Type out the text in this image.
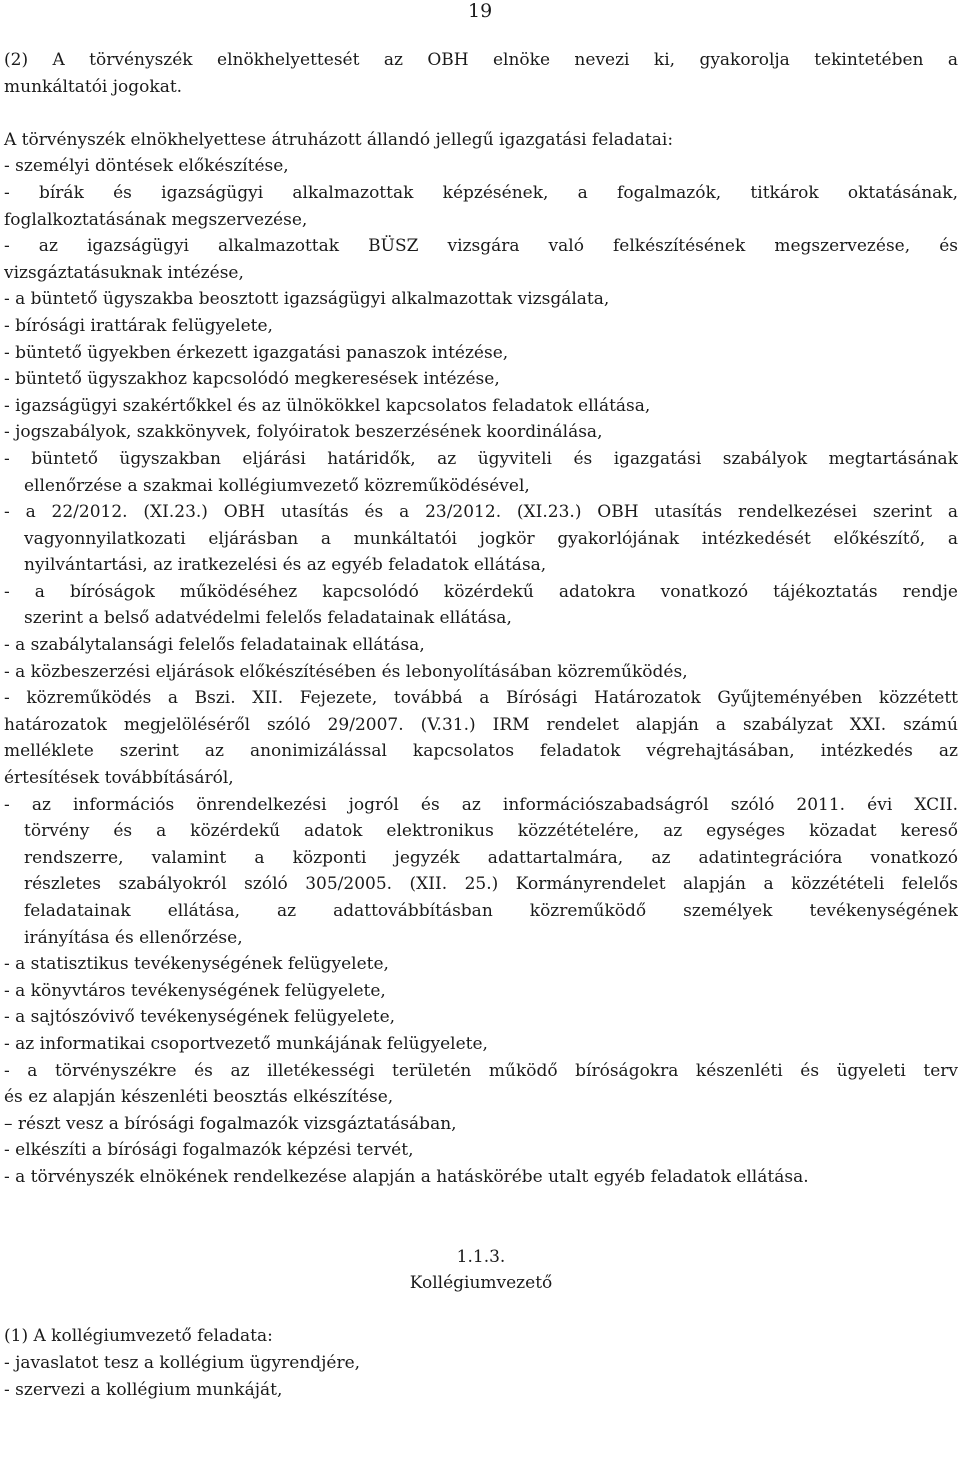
19
(2) A törvényszék elnökhelyettesét az OBH elnöke nevezi ki, gyakorolja tekintetében a
munkáltatói jogokat.
A törvényszék elnökhelyettese átruházott állandó jellegű igazgatási feladatai:
- személyi döntések előkészítése,
- bírák és igazságügyi alkalmazottak képzésének, a fogalmazók, titkárok oktatásának,
foglalkoztatásának megszervezése,
- az igazságügyi alkalmazottak BÜSZ vizsgára való felkészítésének megszervezése, és
vizsgáztatásuknak intézése,
- a büntető ügyszakba beosztott igazságügyi alkalmazottak vizsgálata,
- bírósági irattárak felügyelete,
- büntető ügyekben érkezett igazgatási panaszok intézése,
- büntető ügyszakhoz kapcsolódó megkeresések intézése,
- igazságügyi szakértőkkel és az ülnökökkel kapcsolatos feladatok ellátása,
- jogszabályok, szakkönyvek, folyóiratok beszerzésének koordinálása,
- büntető ügyszakban eljárási határidők, az ügyviteli és igazgatási szabályok megtartásának
ellenőrzése a szakmai kollégiumvezető közreműködésével,
- a 22/2012. (XI.23.) OBH utasítás és a 23/2012. (XI.23.) OBH utasítás rendelkezései szerint a
vagyonnyilatkozati eljárásban a munkáltatói jogkör gyakorlójának intézkedését előkészítő, a
nyilvántartási, az iratkezelési és az egyéb feladatok ellátása,
- a bíróságok működéséhez kapcsolódó közérdekű adatokra vonatkozó tájékoztatás rendje
szerint a belső adatvédelmi felelős feladatainak ellátása,
- a szabálytalansági felelős feladatainak ellátása,
- a közbeszerzési eljárások előkészítésében és lebonyolításában közreműködés,
- közreműködés a Bszi. XII. Fejezete, továbbá a Bírósági Határozatok Gyűjteményében közzétett
határozatok megjelöléséről szóló 29/2007. (V.31.) IRM rendelet alapján a szabályzat XXI. számú
melléklete szerint az anonimizálással kapcsolatos feladatok végrehajtásában, intézkedés az
értesítések továbbításáról,
- az információs önrendelkezési jogról és az információszabadságról szóló 2011. évi XCII.
törvény és a közérdekű adatok elektronikus közzétételére, az egységes közadat kereső
rendszerre, valamint a központi jegyzék adattartalmára, az adatintegrációra vonatkozó
részletes szabályokról szóló 305/2005. (XII. 25.) Kormányrendelet alapján a közzétételi felelős
feladatainak ellátása, az adattovábbításban közreműködő személyek tevékenységének
irányítása és ellenőrzése,
- a statisztikus tevékenységének felügyelete,
- a könyvtáros tevékenységének felügyelete,
- a sajtószóvivő tevékenységének felügyelete,
- az informatikai csoportvezető munkájának felügyelete,
- a törvényszékre és az illetékességi területén működő bíróságokra készenléti és ügyeleti terv
és ez alapján készenléti beosztás elkészítése,
– részt vesz a bírósági fogalmazók vizsgáztatásában,
- elkészíti a bírósági fogalmazók képzési tervét,
- a törvényszék elnökének rendelkezése alapján a hatáskörébe utalt egyéb feladatok ellátása.
1.1.3.
Kollégiumvezető
(1) A kollégiumvezető feladata:
- javaslatot tesz a kollégium ügyrendjére,
- szervezi a kollégium munkáját,
